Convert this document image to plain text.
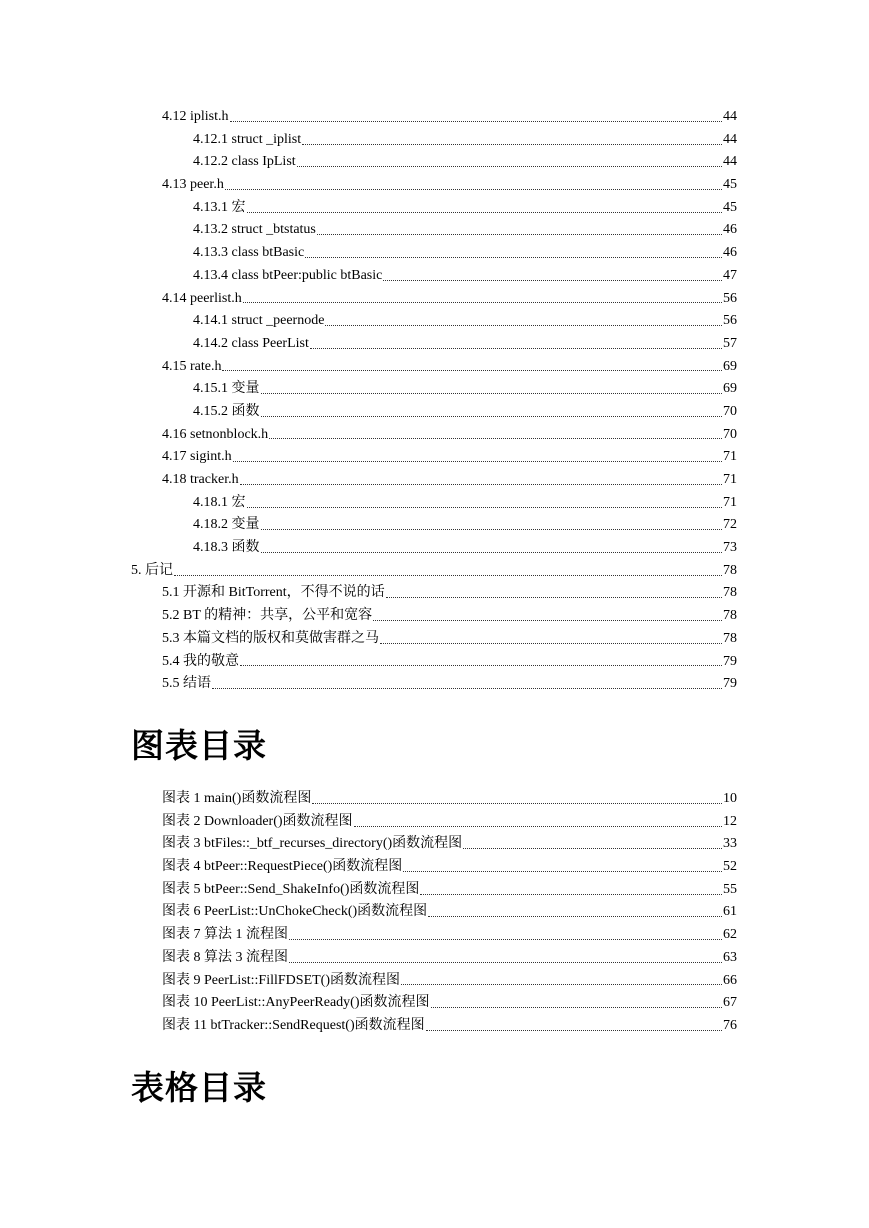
4.12 iplist.h	44
4.12.1 struct _iplist	44
4.12.2 class IpList	44
4.13 peer.h	45
4.13.1 宏	45
4.13.2 struct _btstatus	46
4.13.3 class btBasic	46
4.13.4 class btPeer:public btBasic	47
4.14 peerlist.h	56
4.14.1 struct _peernode	56
4.14.2 class PeerList	57
4.15 rate.h	69
4.15.1 变量	69
4.15.2 函数	70
4.16 setnonblock.h	70
4.17 sigint.h	71
4.18 tracker.h	71
4.18.1 宏	71
4.18.2 变量	72
4.18.3 函数	73
5. 后记	78
5.1 开源和 BitTorrent，不得不说的话	78
5.2 BT 的精神：共享，公平和宽容	78
5.3 本篇文档的版权和莫做害群之马	78
5.4 我的敬意	79
5.5 结语	79
图表目录
图表 1 main()函数流程图	10
图表 2 Downloader()函数流程图	12
图表 3 btFiles::_btf_recurses_directory()函数流程图	33
图表 4 btPeer::RequestPiece()函数流程图	52
图表 5 btPeer::Send_ShakeInfo()函数流程图	55
图表 6 PeerList::UnChokeCheck()函数流程图	61
图表 7 算法 1 流程图	62
图表 8 算法 3 流程图	63
图表 9 PeerList::FillFDSET()函数流程图	66
图表 10 PeerList::AnyPeerReady()函数流程图	67
图表 11 btTracker::SendRequest()函数流程图	76
表格目录
